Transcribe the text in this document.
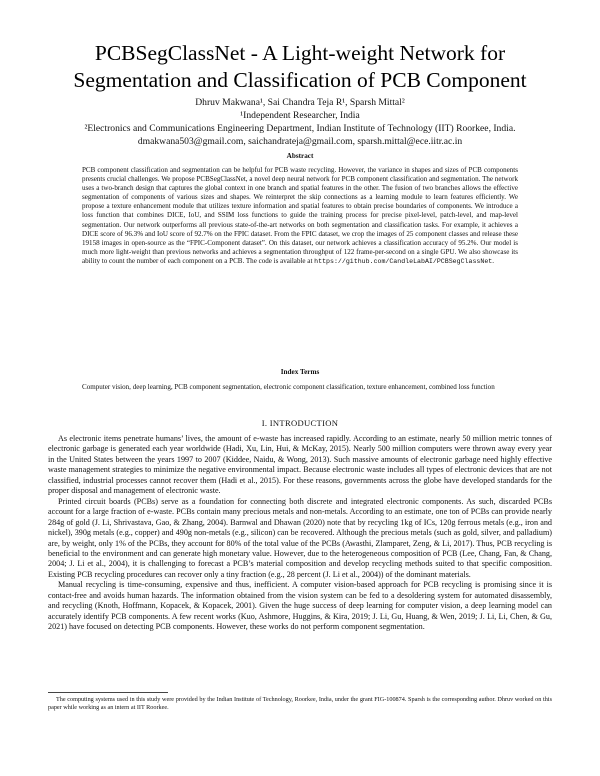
PCBSegClassNet - A Light-weight Network for
Segmentation and Classification of PCB Component
Dhruv Makwana¹, Sai Chandra Teja R¹, Sparsh Mittal²
¹Independent Researcher, India
²Electronics and Communications Engineering Department, Indian Institute of Technology (IIT) Roorkee, India.
dmakwana503@gmail.com, saichandrateja@gmail.com, sparsh.mittal@ece.iitr.ac.in
Abstract
PCB component classification and segmentation can be helpful for PCB waste recycling. However, the variance in shapes and sizes of PCB components presents crucial challenges. We propose PCBSegClassNet, a novel deep neural network for PCB component classification and segmentation. The network uses a two-branch design that captures the global context in one branch and spatial features in the other. The fusion of two branches allows the effective segmentation of components of various sizes and shapes. We reinterpret the skip connections as a learning module to learn features efficiently. We propose a texture enhancement module that utilizes texture information and spatial features to obtain precise boundaries of components. We introduce a loss function that combines DICE, IoU, and SSIM loss functions to guide the training process for precise pixel-level, patch-level, and map-level segmentation. Our network outperforms all previous state-of-the-art networks on both segmentation and classification tasks. For example, it achieves a DICE score of 96.3% and IoU score of 92.7% on the FPIC dataset. From the FPIC dataset, we crop the images of 25 component classes and release these 19158 images in open-source as the “FPIC-Component dataset”. On this dataset, our network achieves a classification accuracy of 95.2%. Our model is much more light-weight than previous networks and achieves a segmentation throughput of 122 frame-per-second on a single GPU. We also showcase its ability to count the number of each component on a PCB. The code is available at https://github.com/CandleLabAI/PCBSegClassNet.
Index Terms
Computer vision, deep learning, PCB component segmentation, electronic component classification, texture enhancement, combined loss function
I. INTRODUCTION

As electronic items penetrate humans’ lives, the amount of e-waste has increased rapidly. According to an estimate, nearly 50 million metric tonnes of electronic garbage is generated each year worldwide (Hadi, Xu, Lin, Hui, & McKay, 2015). Nearly 500 million computers were thrown away every year in the United States between the years 1997 to 2007 (Kiddee, Naidu, & Wong, 2013). Such massive amounts of electronic garbage need highly effective waste management strategies to minimize the negative environmental impact. Because electronic waste includes all types of electronic devices that are not classified, industrial processes cannot recover them (Hadi et al., 2015). For these reasons, governments across the globe have developed standards for the proper disposal and management of electronic waste.

Printed circuit boards (PCBs) serve as a foundation for connecting both discrete and integrated electronic components. As such, discarded PCBs account for a large fraction of e-waste. PCBs contain many precious metals and non-metals. According to an estimate, one ton of PCBs can provide nearly 284g of gold (J. Li, Shrivastava, Gao, & Zhang, 2004). Barnwal and Dhawan (2020) note that by recycling 1kg of ICs, 120g ferrous metals (e.g., iron and nickel), 390g metals (e.g., copper) and 490g non-metals (e.g., silicon) can be recovered. Although the precious metals (such as gold, silver, and palladium) are, by weight, only 1% of the PCBs, they account for 80% of the total value of the PCBs (Awasthi, Zlamparet, Zeng, & Li, 2017). Thus, PCB recycling is beneficial to the environment and can generate high monetary value. However, due to the heterogeneous composition of PCB (Lee, Chang, Fan, & Chang, 2004; J. Li et al., 2004), it is challenging to forecast a PCB’s material composition and develop recycling methods suited to that specific composition. Existing PCB recycling procedures can recover only a tiny fraction (e.g., 28 percent (J. Li et al., 2004)) of the dominant materials.

Manual recycling is time-consuming, expensive and thus, inefficient. A computer vision-based approach for PCB recycling is promising since it is contact-free and avoids human hazards. The information obtained from the vision system can be fed to a desoldering system for automated disassembly, and recycling (Knoth, Hoffmann, Kopacek, & Kopacek, 2001). Given the huge success of deep learning for computer vision, a deep learning model can accurately identify PCB components. A few recent works (Kuo, Ashmore, Huggins, & Kira, 2019; J. Li, Gu, Huang, & Wen, 2019; J. Li, Li, Chen, & Gu, 2021) have focused on detecting PCB components. However, these works do not perform component segmentation.

The computing systems used in this study were provided by the Indian Institute of Technology, Roorkee, India, under the grant FIG-100874. Sparsh is the corresponding author. Dhruv worked on this paper while working as an intern at IIT Roorkee.
